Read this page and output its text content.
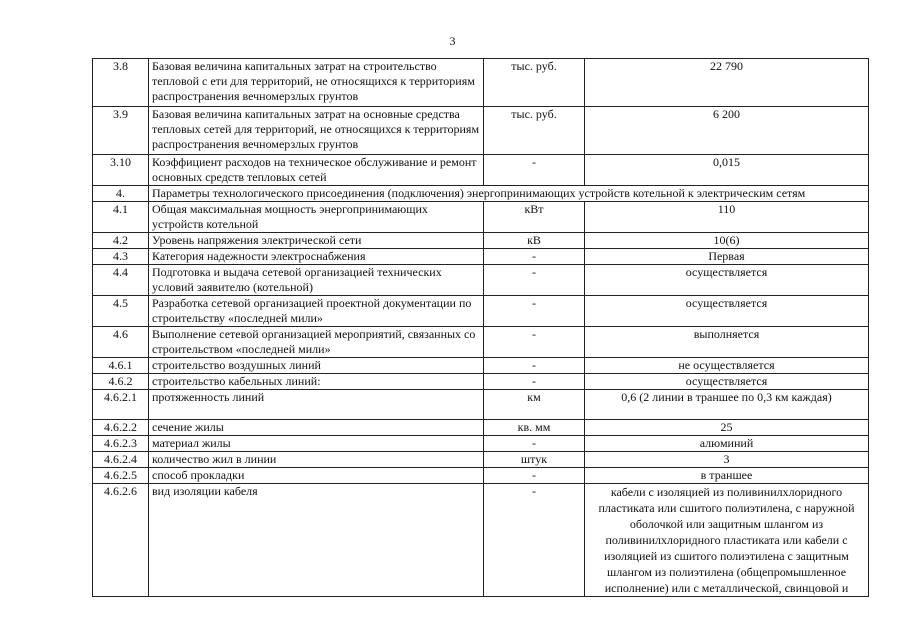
3
3.8	Базовая величина капитальных затрат на строительство тепловой с ети для территорий, не относящихся к территориям распространения вечномерзлых грунтов	тыс. руб.	22 790
3.9	Базовая величина капитальных затрат на основные средства тепловых сетей для территорий, не относящихся к территориям распространения вечномерзлых грунтов	тыс. руб.	6 200
3.10	Коэффициент расходов на техническое обслуживание и ремонт основных средств тепловых сетей	-	0,015
4.	Параметры технологического присоединения (подключения) энергопринимающих устройств котельной к электрическим сетям		
4.1	Общая максимальная мощность энергопринимающих устройств котельной	кВт	110
4.2	Уровень напряжения электрической сети	кВ	10(6)
4.3	Категория надежности электроснабжения	-	Первая
4.4	Подготовка и выдача сетевой организацией технических условий заявителю (котельной)	-	осуществляется
4.5	Разработка сетевой организацией проектной документации по строительству «последней мили»	-	осуществляется
4.6	Выполнение сетевой организацией мероприятий, связанных со строительством «последней мили»	-	выполняется
4.6.1	строительство воздушных линий	-	не осуществляется
4.6.2	строительство кабельных линий:	-	осуществляется
4.6.2.1	протяженность линий	км	0,6 (2 линии в траншее по 0,3 км каждая)
4.6.2.2	сечение жилы	кв. мм	25
4.6.2.3	материал жилы	-	алюминий
4.6.2.4	количество жил в линии	штук	3
4.6.2.5	способ прокладки	-	в траншее
4.6.2.6	вид изоляции кабеля	-	кабели с изоляцией из поливинилхлоридного пластиката или сшитого полиэтилена, с наружной оболочкой или защитным шлангом из поливинилхлоридного пластиката или кабели с изоляцией из сшитого полиэтилена с защитным шлангом из полиэтилена (общепромышленное исполнение) или с металлической, свинцовой и
